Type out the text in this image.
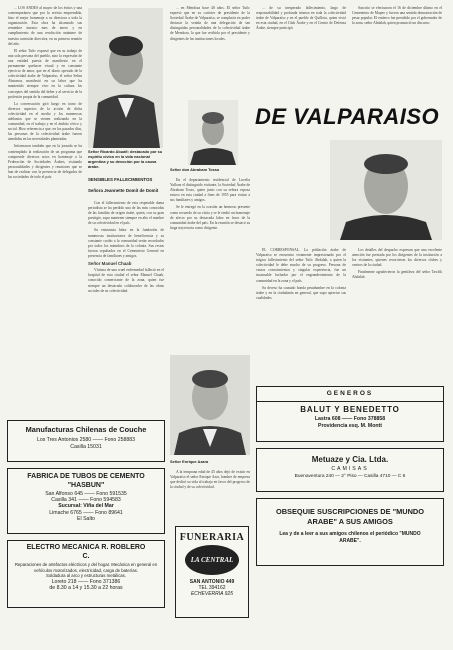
... LOS ANDES al mayor de los éxitos y una contemporánea que por la revista emprendida, hizo el mejor homenaje a su directora a toda la organización. Esta obra ha alcanzado sus renombre nuestro mes de enero y en cumplimiento de una resolución unánime de nuestra comisión directiva, en su primera reunión del año.

El señor Tufic expresó que en su trabajo de una sola persona del pueblo, sino la expresión de una entidad puesta de manifiesto en el permanente quehacer visual y en constante ejercicio de amor, que en el diario operado de la colectividad árabe de Valparaíso, el señor Selim Abuomar, manifestó en su labor que ha mantenido siempre vivo en la cultura los conceptos del sentido del deber y al servicio de la profesión propia de la comunidad.

La conversación giró luego en torno de diversos aspectos de la acción de dicha colectividad en el medio y los numerosos adelantos que se vienen realizando en la comunidad, en el trabajo y en el ámbito cívico y social. Hizo referencia a que, en los pasados días, las personas de la colectividad árabe fueron atendidas en las necesidades planteadas.

Informaron también que en la jornada se ha contemplado la realización de un programa que comprende diversos actos en homenaje a la Federación de Sociedades Árabes, visitando personalidades y dirigentes y reuniones que se han de realizar con la presencia de delegados de las sociedades de todo el país.

Señor Ricardo Abuafi: destacado por su espíritu cívico en la vida nacional argentina y su devoción por la causa árabe.
SENSIBLES FALLECIMIENTOS
Señora Jeannette Domit de Domit

Con el fallecimiento de esta respetable dama periodista se ha perdido una de las más conocidas de las familias de origen árabe, quien, con su gran prestigio, supo mantener siempre en alto el nombre de su colectividad en el país.

Su entusiasta labor en la fundación de numerosas instituciones de beneficencia y su constante cariño a la comunidad serán recordados por todos los miembros de la colonia. Sus restos fueron sepultados en el Cementerio General en presencia de familiares y amigos.

Señor Manuel Chaab

Víctima de una cruel enfermedad falleció en el hospital de esta ciudad el señor Manuel Chaab, conocido comerciante de la zona, quien fue siempre un destacado colaborador de las obras sociales de su colectividad.

... en Mendoza hace 40 años. El señor Tufic expresó que en su carácter de presidente de la Sociedad Árabe de Valparaíso, se complacía en poder destacar la venida de una delegación de tan distinguidas personalidades de la colectividad árabe de Mendoza, la que fue recibida por el presidente y dirigentes de las instituciones locales.

Señor don Abraham Tosso

En el departamento residencial de Lucelia Yallouz el distinguido visitante, la Sociedad Árabe de Abraham Tosso, quien junto con su señora esposa estuvo en esta ciudad a fines de 1955 para visitar a sus familiares y amigos.

Se le entregó en la ocasión un hermoso presente como recuerdo de su visita y se le rindió un homenaje de afecto por su destacada labor en favor de la comunidad árabe del país. En la reunión se destacó su larga trayectoria como dirigente.

Señor Enrique Azara

A la temprana edad de 45 años dejó de existir en Valparaíso el señor Enrique Azar, hombre de empresa que dedicó su vida al trabajo en favor del progreso de la ciudad y de su colectividad.

... de su inesperado fallecimiento, largo de responsabilidad y profunda tristeza en toda la colectividad árabe de Valparaíso y en el pueblo de Quillota, quien vivió en esta ciudad, en el Club Árabe y en el Centro de Defensa Árabe, siempre participó.

Suscrito se efectuaron el 16 de diciembre último en el Cementerio de Mapeo y fueron una sentida demostración de pesar popular. El entierro fue presidido por el gobernador de la zona, señor Abdalah, quien pronunció un discurso.

DE VALPARAISO

EL CORRESPONSAL. La población árabe de Valparaíso se encuentra vivamente impresionada por el trágico fallecimiento del señor Tufic Abdalah, a quien la colectividad le debe mucho de su progreso. Persona de vastos conocimientos y singular experiencia, fue un incansable luchador por el engrandecimiento de la comunidad en la zona y el país.

Su deceso ha causado honda pesadumbre en la colonia árabe y en la ciudadanía en general, que supo apreciar sus cualidades.

Los detalles del despacho expresan que una excelente atención fue prestada por los dirigentes de la institución a los visitantes, quienes recorrieron los diversos clubes y centros de la ciudad.

Finalmente agradecieron la gentileza del señor Tawfik Abdalah.

Manufacturas Chilenas de Couche
Los Tres Antonios 2580 —— Fono 258883
Casilla 15031
FABRICA DE TUBOS DE CEMENTO "HASBUN"
San Alfonso 645 —— Fono 591535
Casilla 341 —— Fono 594583
Sucursal: Viña del Mar
Limache 6765 —— Fono 89641
El Salto
ELECTRO MECANICA R. ROBLERO C.
Reparaciones de artefactos eléctricos y del hogar. Mecánica en general en vehículos motorizados, electricidad, carga de baterías.
Soldadura al arco y estructuras metálicas.
Loreto 218 —— Fono 371386
de 8.30 a 14 y 15.30 a 22 horas
FUNERARIA
LA CENTRAL
SAN ANTONIO 449
TEL 394162
ECHEVERRIA 925
GENEROS
BALUT Y BENEDETTO
Lastra 608 —— Fono 378858
Providencia esq. M. Montt
Metuaze y Cia. Ltda.
CAMISAS
Buenaventura 240 — 2° Piso — Casilla 4710 — C 6
OBSEQUIE SUSCRIPCIONES DE "MUNDO ARABE" A SUS AMIGOS
Lea y de a leer a sus amigos chilenos el periódico "MUNDO ARABE".
